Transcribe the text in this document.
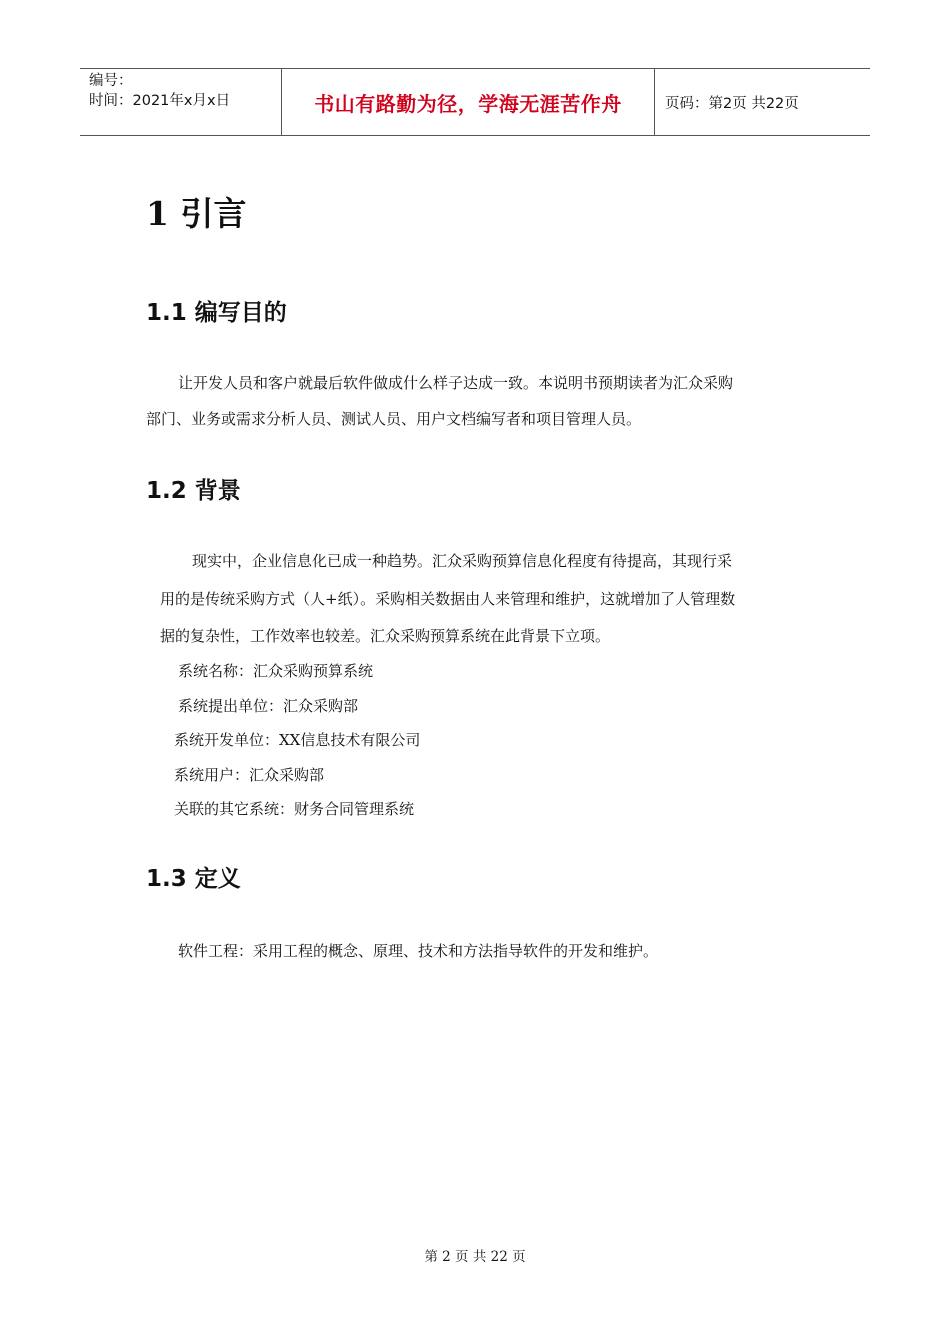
编号：
时间：2021年x月x日	书山有路勤为径，学海无涯苦作舟	页码：第2页 共22页
1 引言
1.1 编写目的
让开发人员和客户就最后软件做成什么样子达成一致。本说明书预期读者为汇众采购
部门、业务或需求分析人员、测试人员、用户文档编写者和项目管理人员。
1.2 背景
现实中，企业信息化已成一种趋势。汇众采购预算信息化程度有待提高，其现行采
用的是传统采购方式（人+纸）。采购相关数据由人来管理和维护，这就增加了人管理数
据的复杂性，工作效率也较差。汇众采购预算系统在此背景下立项。
系统名称：汇众采购预算系统
系统提出单位：汇众采购部
系统开发单位：XX信息技术有限公司
系统用户：汇众采购部
关联的其它系统：财务合同管理系统
1.3 定义
软件工程：采用工程的概念、原理、技术和方法指导软件的开发和维护。
第 2 页 共 22 页
